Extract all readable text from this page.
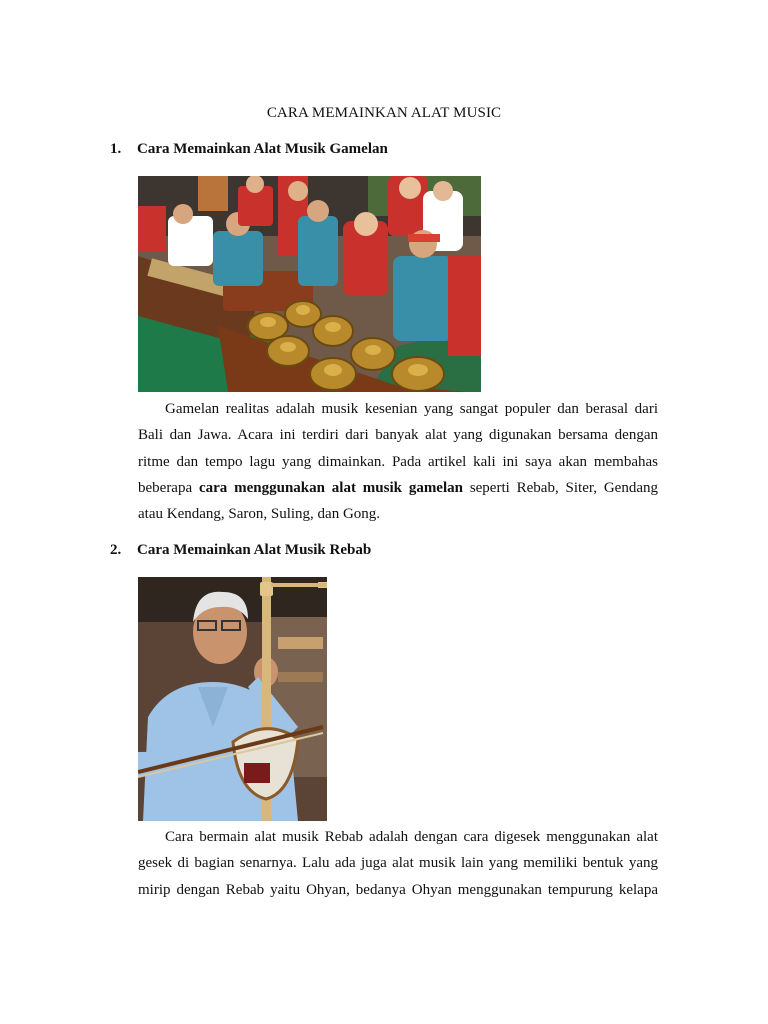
CARA MEMAINKAN ALAT MUSIC
1. Cara Memainkan Alat Musik Gamelan
Gamelan realitas adalah musik kesenian yang sangat populer dan berasal dari
Bali dan Jawa. Acara ini terdiri dari banyak alat yang digunakan bersama dengan
ritme dan tempo lagu yang dimainkan. Pada artikel kali ini saya akan membahas
beberapa cara menggunakan alat musik gamelan seperti Rebab, Siter, Gendang
atau Kendang, Saron, Suling, dan Gong.
2. Cara Memainkan Alat Musik Rebab
Cara bermain alat musik Rebab adalah dengan cara digesek menggunakan alat
gesek di bagian senarnya. Lalu ada juga alat musik lain yang memiliki bentuk yang
mirip dengan Rebab yaitu Ohyan, bedanya Ohyan menggunakan tempurung kelapa
